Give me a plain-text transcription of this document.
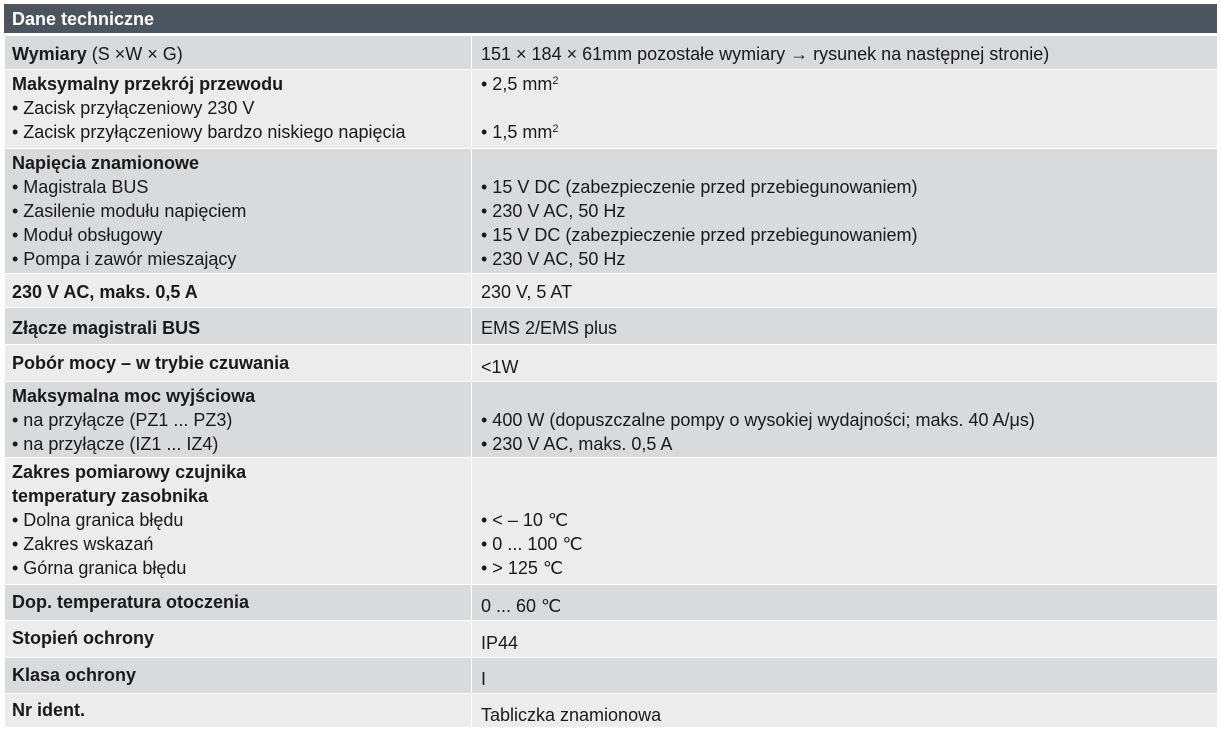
Dane techniczne
Wymiary (S ×W × G)	151 × 184 × 61mm pozostałe wymiary → rysunek na następnej stronie)

Maksymalny przekrój przewodu
• Zacisk przyłączeniowy 230 V
• Zacisk przyłączeniowy bardzo niskiego napięcia	• 2,5 $mm^2$

• 1,5 $mm^2$

Napięcia znamionowe
• Magistrala BUS
• Zasilenie modułu napięciem
• Moduł obsługowy
• Pompa i zawór mieszający	• 15 V DC (zabezpieczenie przed przebiegunowaniem)
• 230 V AC, 50 Hz
• 15 V DC (zabezpieczenie przed przebiegunowaniem)
• 230 V AC, 50 Hz

230 V AC, maks. 0,5 A	230 V, 5 AT
Złącze magistrali BUS	EMS 2/EMS plus
Pobór mocy – w trybie czuwania	<1W

Maksymalna moc wyjściowa
• na przyłącze (PZ1 ... PZ3)
• na przyłącze (IZ1 ... IZ4)	• 400 W (dopuszczalne pompy o wysokiej wydajności; maks. 40 A/μs)
• 230 V AC, maks. 0,5 A

Zakres pomiarowy czujnika
temperatury zasobnika
• Dolna granica błędu
• Zakres wskazań
• Górna granica błędu	• < – 10 ℃
• 0 ... 100 ℃
• > 125 ℃

Dop. temperatura otoczenia	0 ... 60 ℃
Stopień ochrony	IP44
Klasa ochrony	I
Nr ident.	Tabliczka znamionowa
